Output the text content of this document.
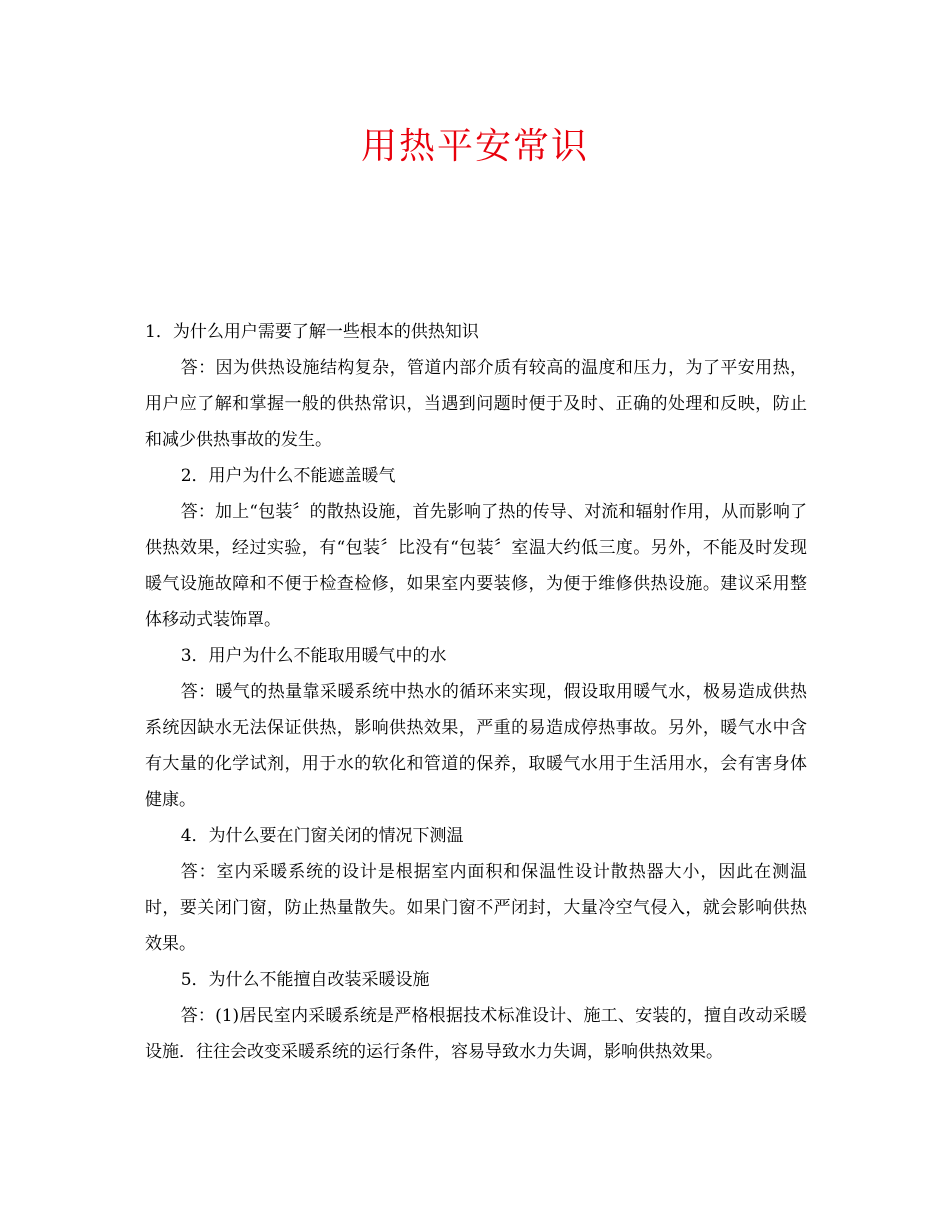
用热平安常识

1．为什么用户需要了解一些根本的供热知识

答：因为供热设施结构复杂，管道内部介质有较高的温度和压力，为了平安用热，用户应了解和掌握一般的供热常识，当遇到问题时便于及时、正确的处理和反映，防止和减少供热事故的发生。

2．用户为什么不能遮盖暖气

答：加上“包装〞的散热设施，首先影响了热的传导、对流和辐射作用，从而影响了供热效果，经过实验，有“包装〞比没有“包装〞室温大约低三度。另外，不能及时发现暖气设施故障和不便于检查检修，如果室内要装修，为便于维修供热设施。建议采用整体移动式装饰罩。

3．用户为什么不能取用暖气中的水

答：暖气的热量靠采暖系统中热水的循环来实现，假设取用暖气水，极易造成供热系统因缺水无法保证供热，影响供热效果，严重的易造成停热事故。另外，暖气水中含有大量的化学试剂，用于水的软化和管道的保养，取暖气水用于生活用水，会有害身体健康。

4．为什么要在门窗关闭的情况下测温

答：室内采暖系统的设计是根据室内面积和保温性设计散热器大小，因此在测温时，要关闭门窗，防止热量散失。如果门窗不严闭封，大量冷空气侵入，就会影响供热效果。

5．为什么不能擅自改装采暖设施

答：(1)居民室内采暖系统是严格根据技术标准设计、施工、安装的，擅自改动采暖设施．往往会改变采暖系统的运行条件，容易导致水力失调，影响供热效果。
